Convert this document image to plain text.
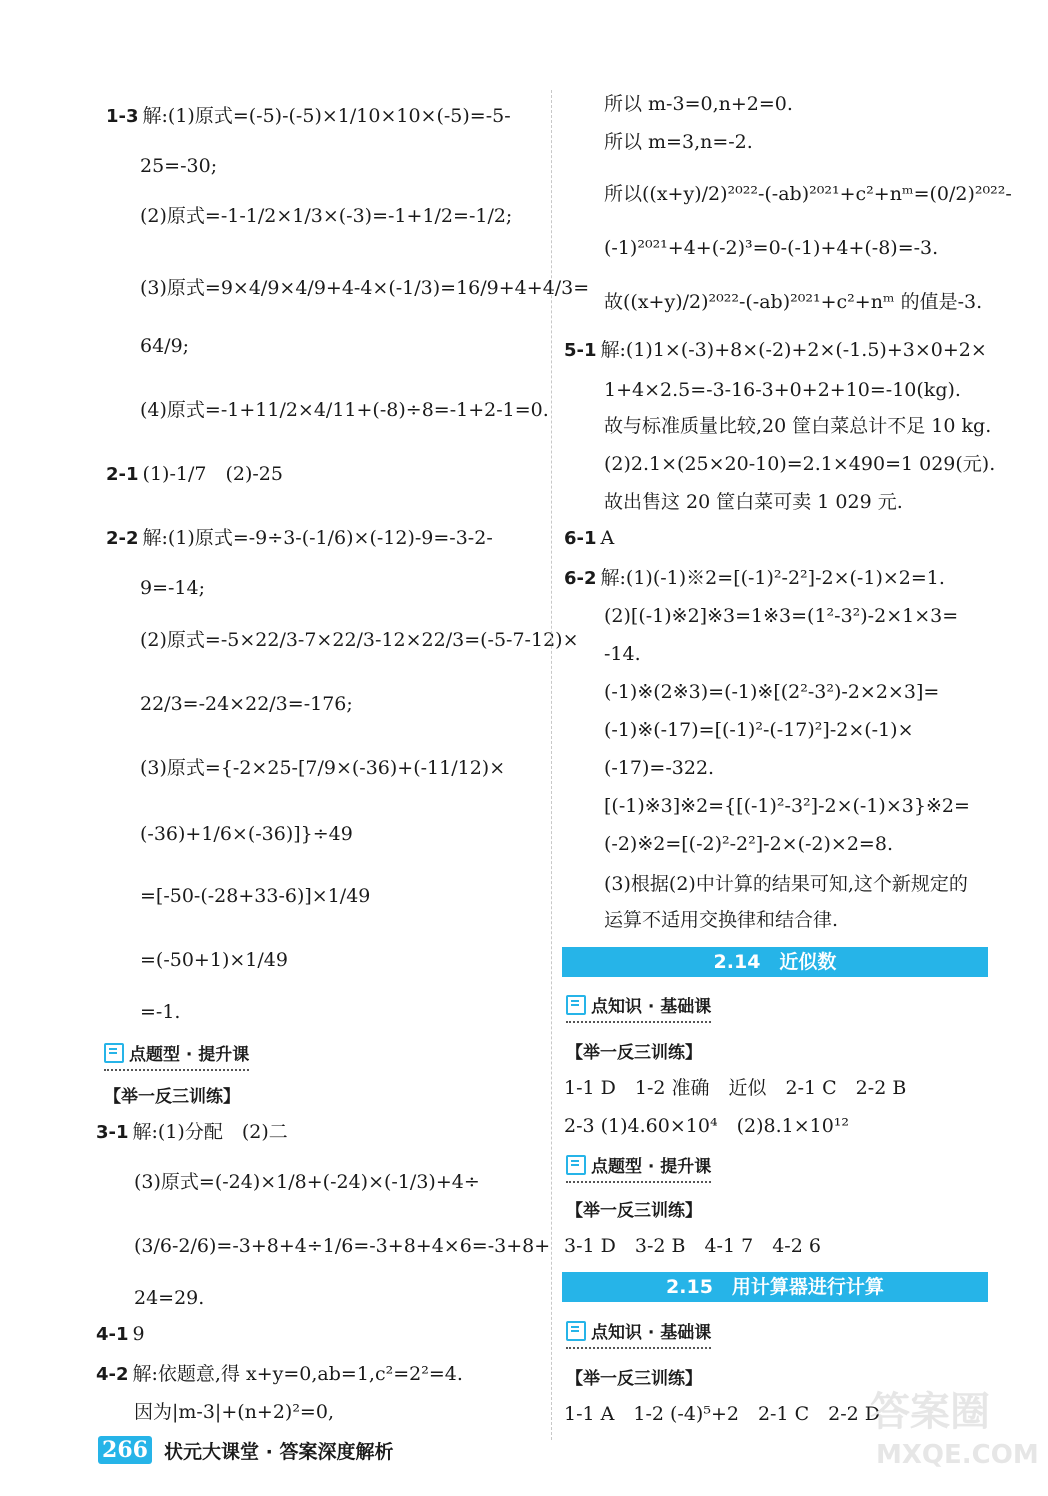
1-3 解:(1)原式=(-5)-(-5)×1/10×10×(-5)=-5-
25=-30;
(2)原式=-1-1/2×1/3×(-3)=-1+1/2=-1/2;
(3)原式=9×4/9×4/9+4-4×(-1/3)=16/9+4+4/3=
64/9;
(4)原式=-1+11/2×4/11+(-8)÷8=-1+2-1=0.
2-1 (1)-1/7　(2)-25
2-2 解:(1)原式=-9÷3-(-1/6)×(-12)-9=-3-2-
9=-14;
(2)原式=-5×22/3-7×22/3-12×22/3=(-5-7-12)×
22/3=-24×22/3=-176;
(3)原式={-2×25-[7/9×(-36)+(-11/12)×
(-36)+1/6×(-36)]}÷49
=[-50-(-28+33-6)]×1/49
=(-50+1)×1/49
=-1.
点题型 · 提升课
【举一反三训练】
3-1 解:(1)分配　(2)二
(3)原式=(-24)×1/8+(-24)×(-1/3)+4÷
(3/6-2/6)=-3+8+4÷1/6=-3+8+4×6=-3+8+
24=29.
4-1 9
4-2 解:依题意,得 x+y=0,ab=1,c²=2²=4.
因为|m-3|+(n+2)²=0,
所以 m-3=0,n+2=0.
所以 m=3,n=-2.
所以((x+y)/2)²⁰²²-(-ab)²⁰²¹+c²+nᵐ=(0/2)²⁰²²-
(-1)²⁰²¹+4+(-2)³=0-(-1)+4+(-8)=-3.
故((x+y)/2)²⁰²²-(-ab)²⁰²¹+c²+nᵐ 的值是-3.
5-1 解:(1)1×(-3)+8×(-2)+2×(-1.5)+3×0+2×
1+4×2.5=-3-16-3+0+2+10=-10(kg).
故与标准质量比较,20 筐白菜总计不足 10 kg.
(2)2.1×(25×20-10)=2.1×490=1 029(元).
故出售这 20 筐白菜可卖 1 029 元.
6-1 A
6-2 解:(1)(-1)※2=[(-1)²-2²]-2×(-1)×2=1.
(2)[(-1)※2]※3=1※3=(1²-3²)-2×1×3=
-14.
(-1)※(2※3)=(-1)※[(2²-3²)-2×2×3]=
(-1)※(-17)=[(-1)²-(-17)²]-2×(-1)×
(-17)=-322.
[(-1)※3]※2={[(-1)²-3²]-2×(-1)×3}※2=
(-2)※2=[(-2)²-2²]-2×(-2)×2=8.
(3)根据(2)中计算的结果可知,这个新规定的
运算不适用交换律和结合律.
2.14　近似数
点知识 · 基础课
【举一反三训练】
1-1 D　1-2 准确　近似　2-1 C　2-2 B
2-3 (1)4.60×10⁴　(2)8.1×10¹²
点题型 · 提升课
【举一反三训练】
3-1 D　3-2 B　4-1 7　4-2 6
2.15　用计算器进行计算
点知识 · 基础课
【举一反三训练】
1-1 A　1-2 (-4)⁵+2　2-1 C　2-2 D
266 状元大课堂 · 答案深度解析
答案圈
MXQE.COM
